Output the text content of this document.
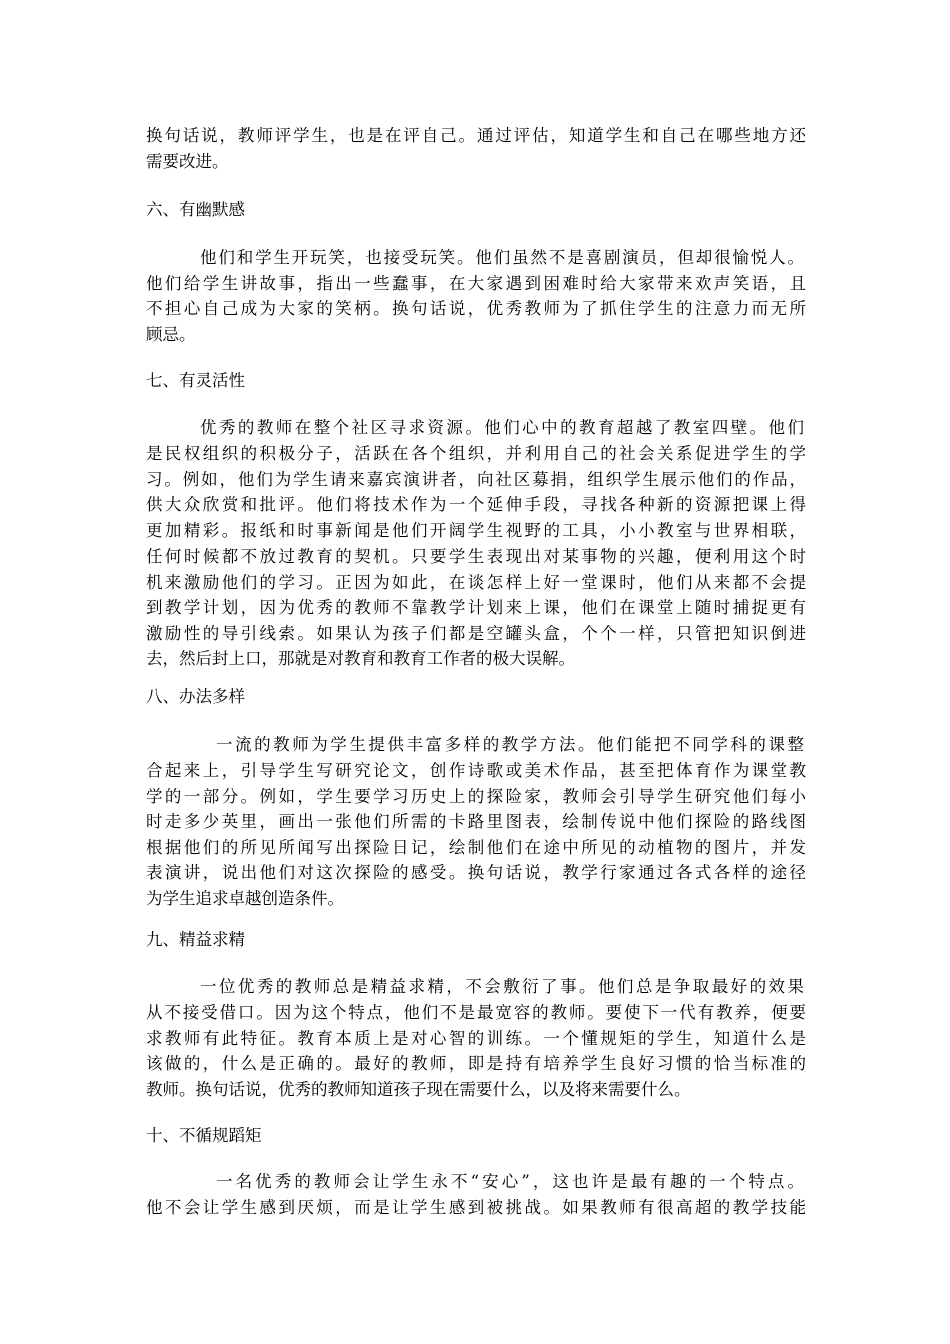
换句话说，教师评学生，也是在评自己。通过评估，知道学生和自己在哪些地方还
需要改进。
六、有幽默感
他们和学生开玩笑，也接受玩笑。他们虽然不是喜剧演员，但却很愉悦人。
他们给学生讲故事，指出一些蠢事，在大家遇到困难时给大家带来欢声笑语，且
不担心自己成为大家的笑柄。换句话说，优秀教师为了抓住学生的注意力而无所
顾忌。
七、有灵活性
优秀的教师在整个社区寻求资源。他们心中的教育超越了教室四壁。他们
是民权组织的积极分子，活跃在各个组织，并利用自己的社会关系促进学生的学
习。例如，他们为学生请来嘉宾演讲者，向社区募捐，组织学生展示他们的作品，
供大众欣赏和批评。他们将技术作为一个延伸手段，寻找各种新的资源把课上得
更加精彩。报纸和时事新闻是他们开阔学生视野的工具，小小教室与世界相联，
任何时候都不放过教育的契机。只要学生表现出对某事物的兴趣，便利用这个时
机来激励他们的学习。正因为如此，在谈怎样上好一堂课时，他们从来都不会提
到教学计划，因为优秀的教师不靠教学计划来上课，他们在课堂上随时捕捉更有
激励性的导引线索。如果认为孩子们都是空罐头盒，个个一样，只管把知识倒进
去，然后封上口，那就是对教育和教育工作者的极大误解。
八、办法多样
一流的教师为学生提供丰富多样的教学方法。他们能把不同学科的课整
合起来上，引导学生写研究论文，创作诗歌或美术作品，甚至把体育作为课堂教
学的一部分。例如，学生要学习历史上的探险家，教师会引导学生研究他们每小
时走多少英里，画出一张他们所需的卡路里图表，绘制传说中他们探险的路线图
根据他们的所见所闻写出探险日记，绘制他们在途中所见的动植物的图片，并发
表演讲，说出他们对这次探险的感受。换句话说，教学行家通过各式各样的途径
为学生追求卓越创造条件。
九、精益求精
一位优秀的教师总是精益求精，不会敷衍了事。他们总是争取最好的效果
从不接受借口。因为这个特点，他们不是最宽容的教师。要使下一代有教养，便要
求教师有此特征。教育本质上是对心智的训练。一个懂规矩的学生，知道什么是
该做的，什么是正确的。最好的教师，即是持有培养学生良好习惯的恰当标准的
教师。换句话说，优秀的教师知道孩子现在需要什么，以及将来需要什么。
十、不循规蹈矩
一名优秀的教师会让学生永不“安心”，这也许是最有趣的一个特点。
他不会让学生感到厌烦，而是让学生感到被挑战。如果教师有很高超的教学技能
